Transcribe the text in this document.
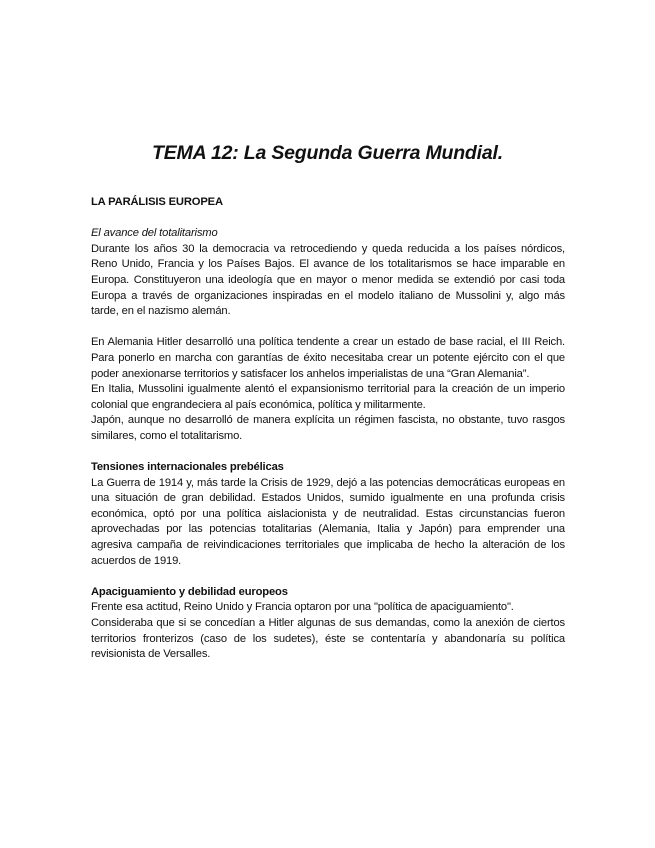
TEMA 12: La Segunda Guerra Mundial.

LA PARÁLISIS EUROPEA

El avance del totalitarismo

Durante los años 30 la democracia va retrocediendo y queda reducida a los países nórdicos, Reno Unido, Francia y los Países Bajos. El avance de los totalitarismos se hace imparable en Europa. Constituyeron una ideología que en mayor o menor medida se extendió por casi toda Europa a través de organizaciones inspiradas en el modelo italiano de Mussolini y, algo más tarde, en el nazismo alemán.

En Alemania Hitler desarrolló una política tendente a crear un estado de base racial, el III Reich. Para ponerlo en marcha con garantías de éxito necesitaba crear un potente ejército con el que poder anexionarse territorios y satisfacer los anhelos imperialistas de una “Gran Alemania”.

En Italia, Mussolini igualmente alentó el expansionismo territorial para la creación de un imperio colonial que engrandeciera al país económica, política y militarmente.

Japón, aunque no desarrolló de manera explícita un régimen fascista, no obstante, tuvo rasgos similares, como el totalitarismo.

Tensiones internacionales prebélicas

La Guerra de 1914 y, más tarde la Crisis de 1929, dejó a las potencias democráticas europeas en una situación de gran debilidad. Estados Unidos, sumido igualmente en una profunda crisis económica, optó por una política aislacionista y de neutralidad. Estas circunstancias fueron aprovechadas por las potencias totalitarias (Alemania, Italia y Japón) para emprender una agresiva campaña de reivindicaciones territoriales que implicaba de hecho la alteración de los acuerdos de 1919.

Apaciguamiento y debilidad europeos

Frente esa actitud, Reino Unido y Francia optaron por una "política de apaciguamiento".

Consideraba que si se concedían a Hitler algunas de sus demandas, como la anexión de ciertos territorios fronterizos (caso de los sudetes), éste se contentaría y abandonaría su política revisionista de Versalles.
